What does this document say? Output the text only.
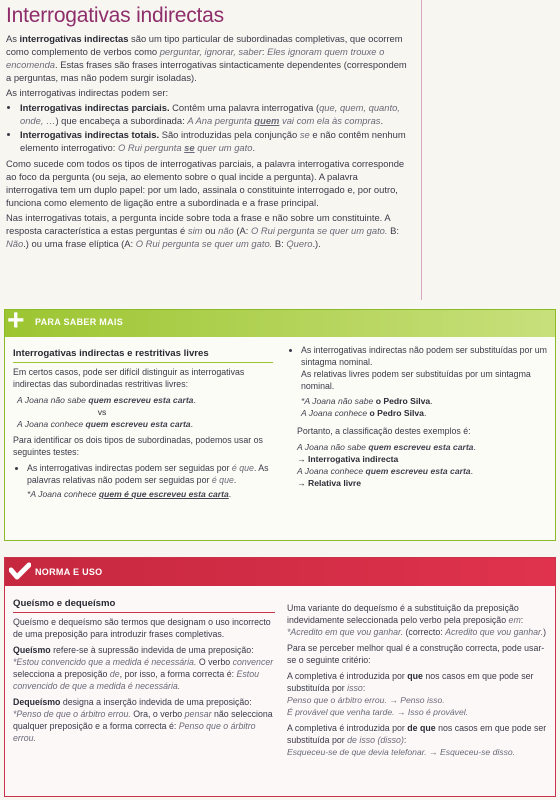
Interrogativas indirectas

As interrogativas indirectas são um tipo particular de subordinadas completivas, que ocorrem como complemento de verbos como perguntar, ignorar, saber: Eles ignoram quem trouxe o encomenda. Estas frases são frases interrogativas sintacticamente dependentes (correspondem a perguntas, mas não podem surgir isoladas).

As interrogativas indirectas podem ser:

• Interrogativas indirectas parciais. Contêm uma palavra interrogativa (que, quem, quanto, onde, …) que encabeça a subordinada: A Ana pergunta quem vai com ela às compras.
• Interrogativas indirectas totais. São introduzidas pela conjunção se e não contêm nenhum elemento interrogativo: O Rui pergunta se quer um gato.

Como sucede com todos os tipos de interrogativas parciais, a palavra interrogativa corresponde ao foco da pergunta (ou seja, ao elemento sobre o qual incide a pergunta). A palavra interrogativa tem um duplo papel: por um lado, assinala o constituinte interrogado e, por outro, funciona como elemento de ligação entre a subordinada e a frase principal.

Nas interrogativas totais, a pergunta incide sobre toda a frase e não sobre um constituinte. A resposta característica a estas perguntas é sim ou não (A: O Rui pergunta se quer um gato. B: Não.) ou uma frase elíptica (A: O Rui pergunta se quer um gato. B: Quero.).

+	PARA SABER MAIS
Interrogativas indirectas e restritivas livres

Em certos casos, pode ser difícil distinguir as interrogativas indirectas das subordinadas restritivas livres:

A Joana não sabe quem escreveu esta carta.

vs

A Joana conhece quem escreveu esta carta.

Para identificar os dois tipos de subordinadas, podemos usar os seguintes testes:

• As interrogativas indirectas podem ser seguidas por é que. As palavras relativas não podem ser seguidas por é que.

*A Joana conhece quem é que escreveu esta carta.

• As interrogativas indirectas não podem ser substituídas por um sintagma nominal.
As relativas livres podem ser substituídas por um sintagma nominal.

*A Joana não sabe o Pedro Silva.

A Joana conhece o Pedro Silva.

Portanto, a classificação destes exemplos é:

A Joana não sabe quem escreveu esta carta.

→ Interrogativa indirecta

A Joana conhece quem escreveu esta carta.

→ Relativa livre

NORMA E USO
Queísmo e dequeísmo

Queísmo e dequeísmo são termos que designam o uso incorrecto de uma preposição para introduzir frases completivas.

Queísmo refere-se à supressão indevida de uma preposição: *Estou convencido que a medida é necessária. O verbo convencer selecciona a preposição de, por isso, a forma correcta é: Estou convencido de que a medida é necessária.

Dequeísmo designa a inserção indevida de uma preposição: *Penso de que o árbitro errou. Ora, o verbo pensar não selecciona qualquer preposição e a forma correcta é: Penso que o árbitro errou.

Uma variante do dequeísmo é a substituição da preposição indevidamente seleccionada pelo verbo pela preposição em: *Acredito em que vou ganhar. (correcto: Acredito que vou ganhar.)

Para se perceber melhor qual é a construção correcta, pode usar-se o seguinte critério:

A completiva é introduzida por que nos casos em que pode ser substituída por isso:

Penso que o árbitro errou. → Penso isso.

É provável que venha tarde. → Isso é provável.

A completiva é introduzida por de que nos casos em que pode ser substituída por de isso (disso):

Esqueceu-se de que devia telefonar. → Esqueceu-se disso.
